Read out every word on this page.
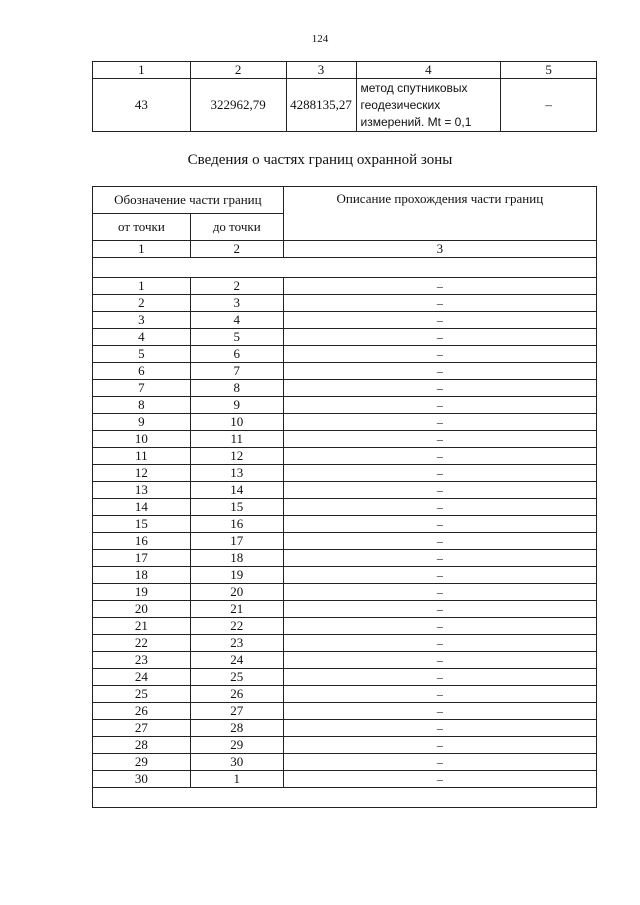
124
1	2	3	4	5
43	322962,79	4288135,27	метод спутниковых
геодезических
измерений. Mt = 0,1	–
Сведения о частях границ охранной зоны
Обозначение части границ		Описание прохождения части границ
от точки	до точки	
1	2	3

1	2	–
2	3	–
3	4	–
4	5	–
5	6	–
6	7	–
7	8	–
8	9	–
9	10	–
10	11	–
11	12	–
12	13	–
13	14	–
14	15	–
15	16	–
16	17	–
17	18	–
18	19	–
19	20	–
20	21	–
21	22	–
22	23	–
23	24	–
24	25	–
25	26	–
26	27	–
27	28	–
28	29	–
29	30	–
30	1	–
